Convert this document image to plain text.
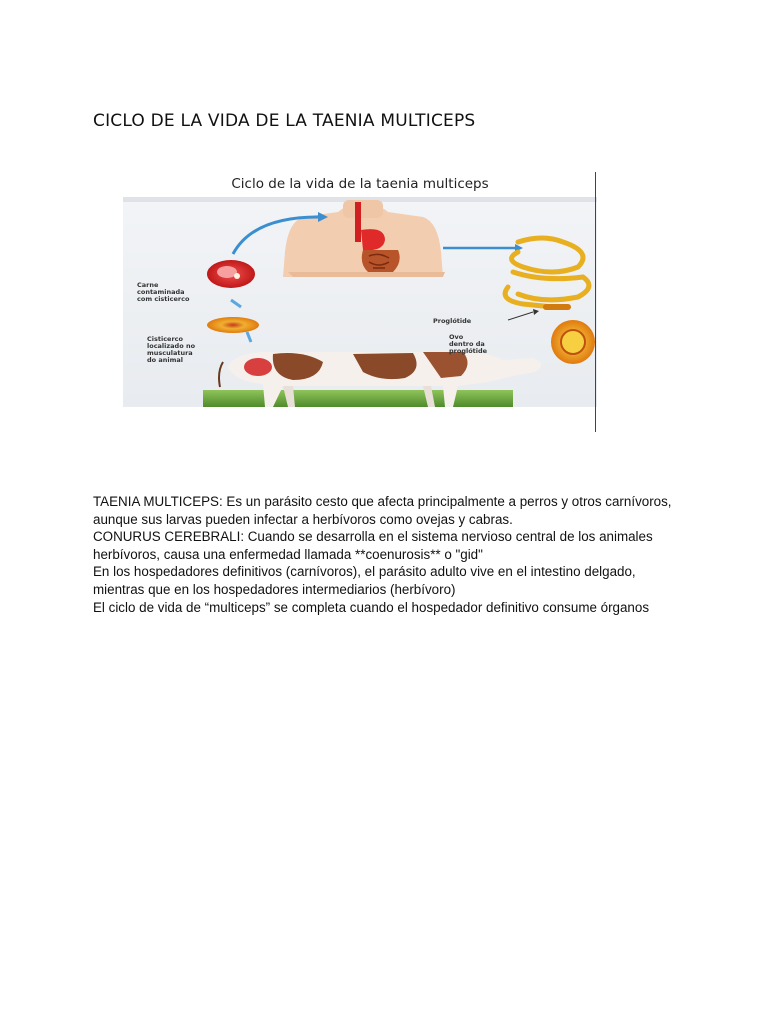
CICLO DE LA VIDA DE LA TAENIA MULTICEPS
Ciclo de la vida de la taenia multiceps
Carne
contaminada
com cisticerco
Cisticerco
localizado no
musculatura
do animal
Proglótide
Ovo
dentro da
proglótide

TAENIA MULTICEPS: Es un parásito cesto que afecta principalmente a perros y otros carnívoros, aunque sus larvas pueden infectar a herbívoros como ovejas y cabras.

CONURUS CEREBRALI: Cuando se desarrolla en el sistema nervioso central de los animales herbívoros, causa una enfermedad llamada **coenurosis** o "gid"

En los hospedadores definitivos (carnívoros), el parásito adulto vive en el intestino delgado, mientras que en los hospedadores intermediarios (herbívoro)

El ciclo de vida de “multiceps” se completa cuando el hospedador definitivo consume órganos
